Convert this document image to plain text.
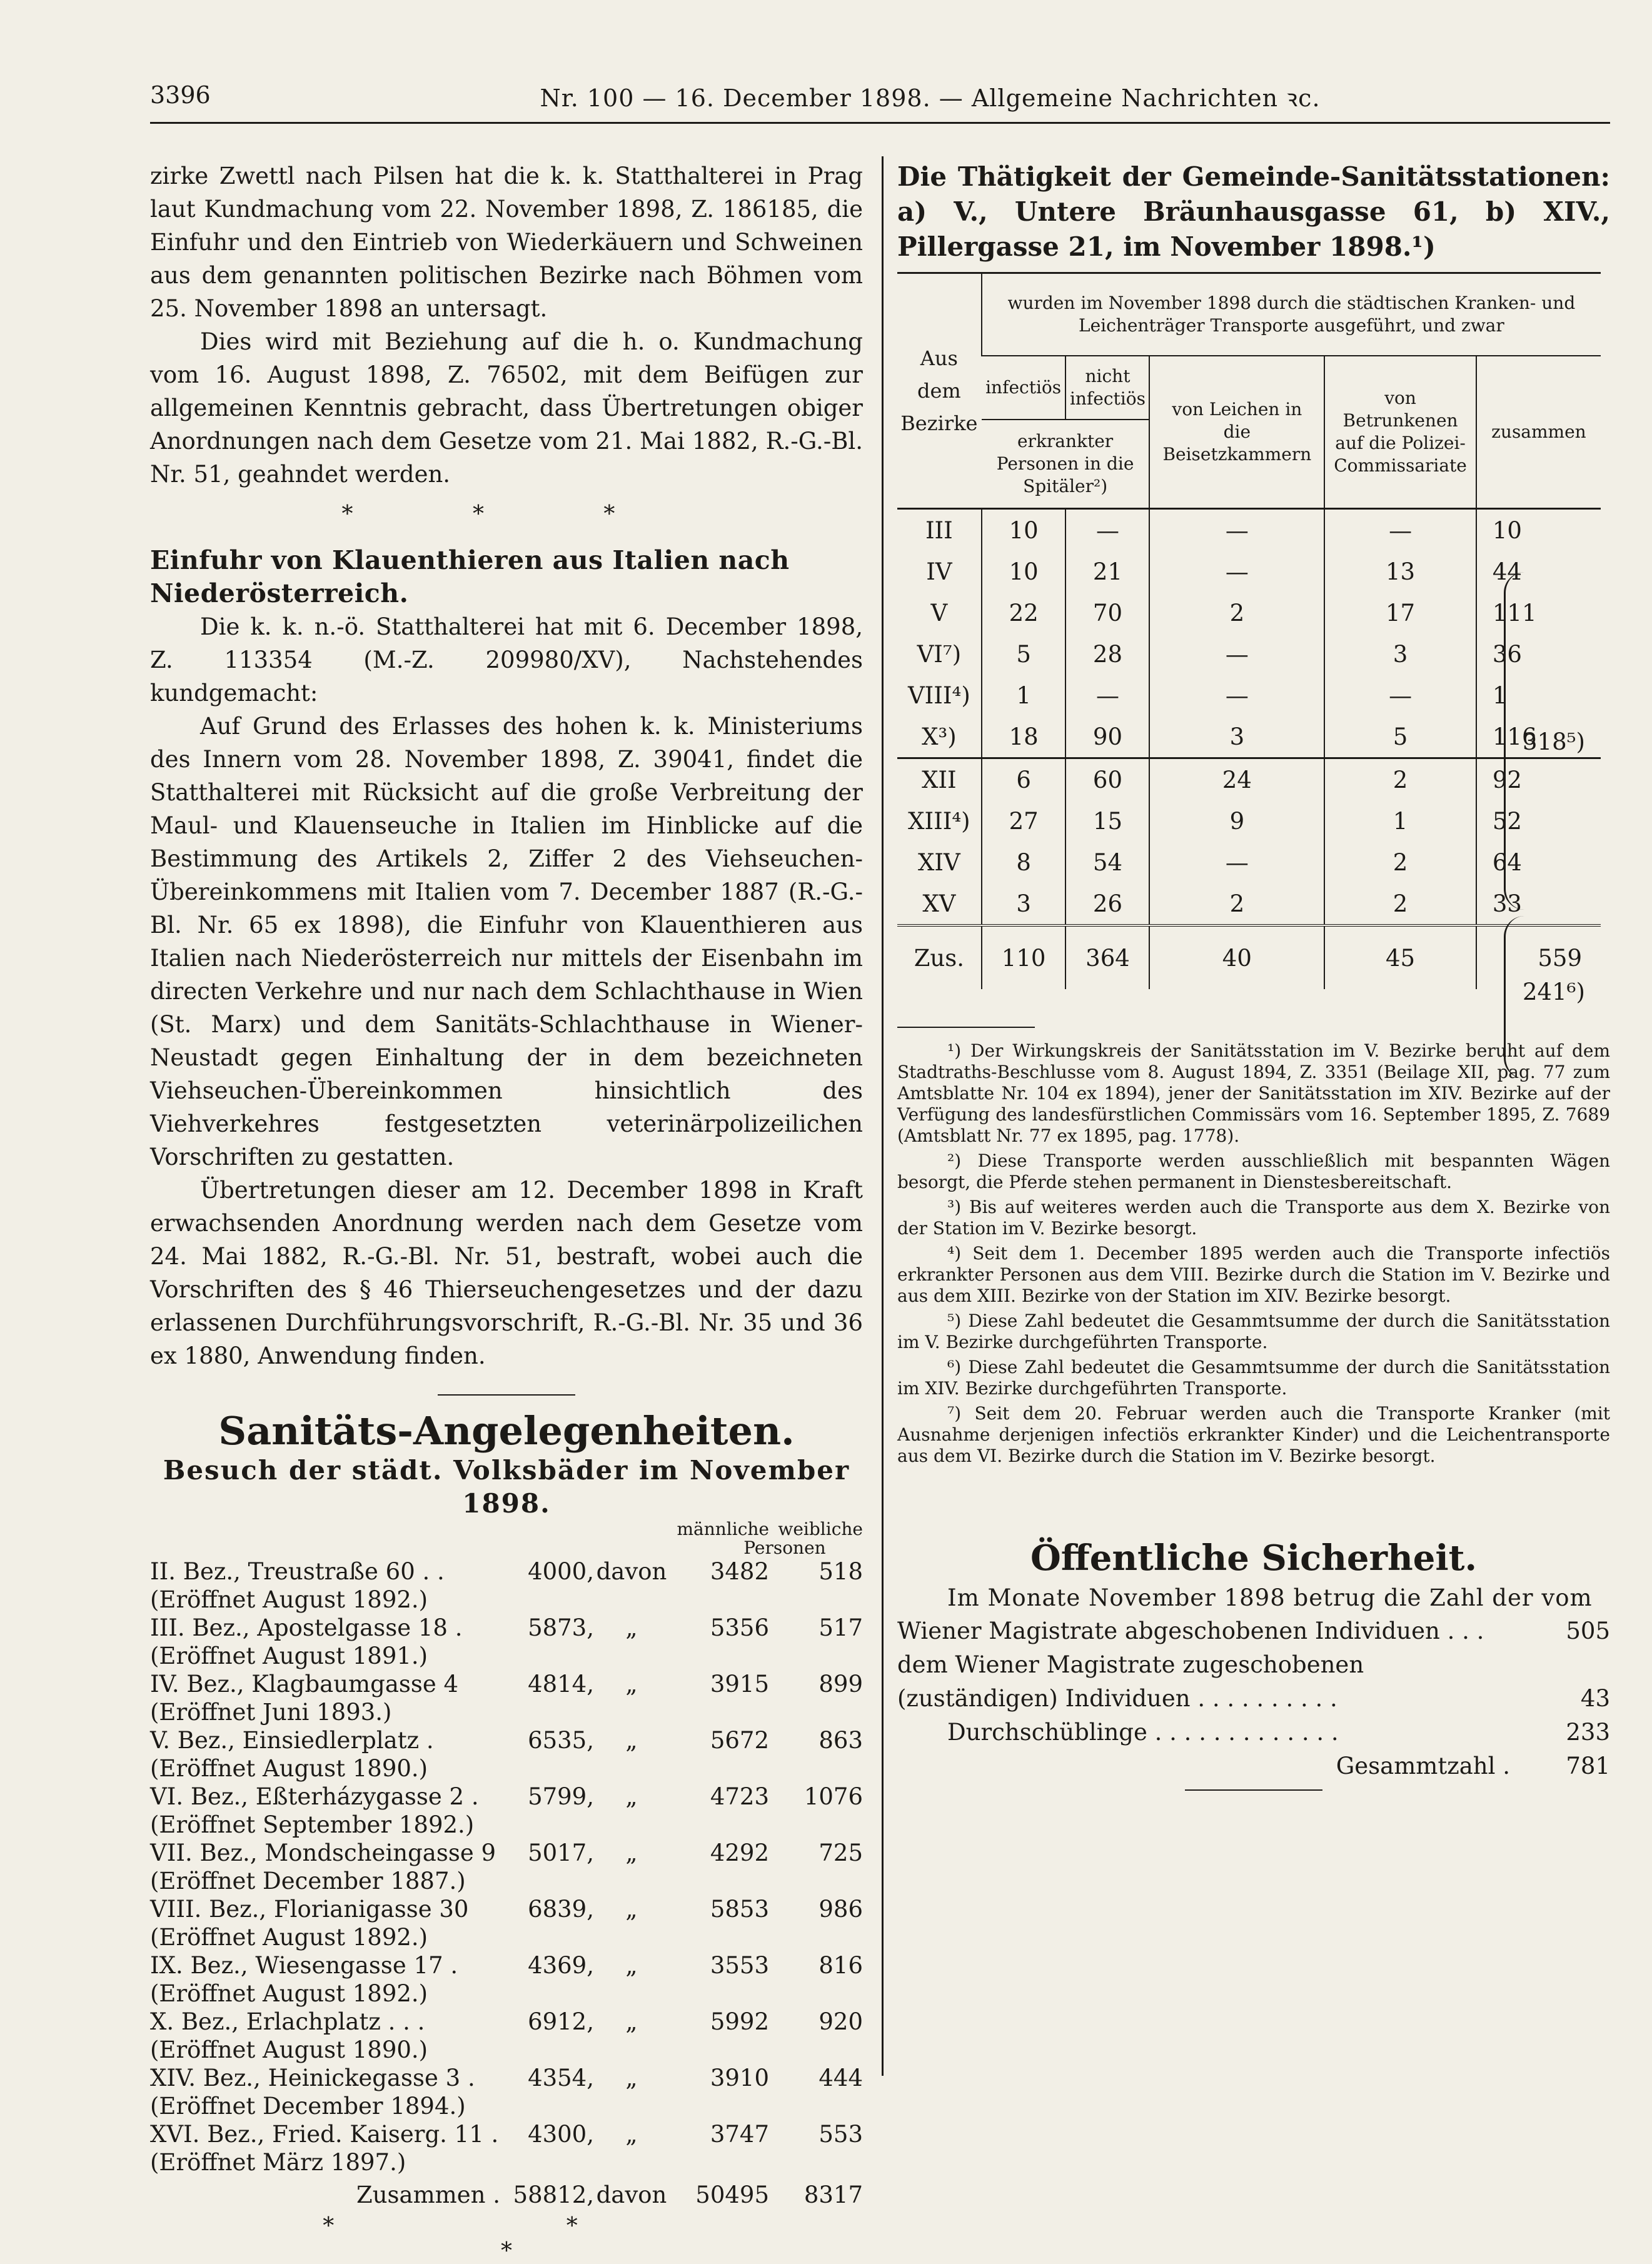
3396	Nr. 100 — 16. December 1898. — Allgemeine Nachrichten ꝛc.

zirke Zwettl nach Pilsen hat die k. k. Statthalterei in Prag laut Kundmachung vom 22. November 1898, Z. 186185, die Einfuhr und den Eintrieb von Wiederkäuern und Schweinen aus dem genannten politischen Bezirke nach Böhmen vom 25. November 1898 an untersagt.

Dies wird mit Beziehung auf die h. o. Kundmachung vom 16. August 1898, Z. 76502, mit dem Beifügen zur allgemeinen Kenntnis gebracht, dass Übertretungen obiger Anordnungen nach dem Gesetze vom 21. Mai 1882, R.-G.-Bl. Nr. 51, geahndet werden.

* * *
Einfuhr von Klauenthieren aus Italien nach Niederösterreich.

Die k. k. n.-ö. Statthalterei hat mit 6. December 1898, Z. 113354 (M.-Z. 209980/XV), Nachstehendes kundgemacht:

Auf Grund des Erlasses des hohen k. k. Ministeriums des Innern vom 28. November 1898, Z. 39041, findet die Statthalterei mit Rücksicht auf die große Verbreitung der Maul- und Klauenseuche in Italien im Hinblicke auf die Bestimmung des Artikels 2, Ziffer 2 des Viehseuchen-Übereinkommens mit Italien vom 7. December 1887 (R.-G.-Bl. Nr. 65 ex 1898), die Einfuhr von Klauenthieren aus Italien nach Niederösterreich nur mittels der Eisenbahn im directen Verkehre und nur nach dem Schlachthause in Wien (St. Marx) und dem Sanitäts-Schlachthause in Wiener-Neustadt gegen Einhaltung der in dem bezeichneten Viehseuchen-Übereinkommen hinsichtlich des Viehverkehres festgesetzten veterinärpolizeilichen Vorschriften zu gestatten.

Übertretungen dieser am 12. December 1898 in Kraft erwachsenden Anordnung werden nach dem Gesetze vom 24. Mai 1882, R.-G.-Bl. Nr. 51, bestraft, wobei auch die Vorschriften des § 46 Thierseuchengesetzes und der dazu erlassenen Durchführungsvorschrift, R.-G.-Bl. Nr. 35 und 36 ex 1880, Anwendung finden.

Sanitäts-Angelegenheiten.
Besuch der städt. Volksbäder im November 1898.
			männliche	weibliche
			Personen	
II. Bez., Treustraße 60 . .	4000,	davon	3482	518
(Eröffnet August 1892.)				
III. Bez., Apostelgasse 18 .	5873,	„	5356	517
(Eröffnet August 1891.)				
IV. Bez., Klagbaumgasse 4	4814,	„	3915	899
(Eröffnet Juni 1893.)				
V. Bez., Einsiedlerplatz .	6535,	„	5672	863
(Eröffnet August 1890.)				
VI. Bez., Eßterházygasse 2 .	5799,	„	4723	1076
(Eröffnet September 1892.)				
VII. Bez., Mondscheingasse 9	5017,	„	4292	725
(Eröffnet December 1887.)				
VIII. Bez., Florianigasse 30	6839,	„	5853	986
(Eröffnet August 1892.)				
IX. Bez., Wiesengasse 17 .	4369,	„	3553	816
(Eröffnet August 1892.)				
X. Bez., Erlachplatz . . .	6912,	„	5992	920
(Eröffnet August 1890.)				
XIV. Bez., Heinickegasse 3 .	4354,	„	3910	444
(Eröffnet December 1894.)				
XVI. Bez., Fried. Kaiserg. 11 .	4300,	„	3747	553
(Eröffnet März 1897.)				
Zusammen .	58812,	davon	50495	8317
* *
*
Die Thätigkeit der Gemeinde-Sanitätsstationen: a) V., Untere Bräunhausgasse 61, b) XIV., Pillergasse 21, im November 1898.¹)
Aus dem Bezirke	wurden im November 1898 durch die städtischen Kranken- und Leichenträger Transporte ausgeführt, und zwar				
	infectiös	nicht infectiös	von Leichen in die Beisetzkammern	von Betrunkenen auf die Polizei-Commissariate	zusammen
	erkrankter Personen in die Spitäler²)				
III	10	—	—	—	10
IV	10	21	—	13	44
V	22	70	2	17	111
VI⁷)	5	28	—	3	36
VIII⁴)	1	—	—	—	1
X³)	18	90	3	5	116
XII	6	60	24	2	92
XIII⁴)	27	15	9	1	52
XIV	8	54	—	2	64
XV	3	26	2	2	33
Zus.	110	364	40	45	559
318⁵)
241⁶)

¹) Der Wirkungskreis der Sanitätsstation im V. Bezirke beruht auf dem Stadtraths-Beschlusse vom 8. August 1894, Z. 3351 (Beilage XII, pag. 77 zum Amtsblatte Nr. 104 ex 1894), jener der Sanitätsstation im XIV. Bezirke auf der Verfügung des landesfürstlichen Commissärs vom 16. September 1895, Z. 7689 (Amtsblatt Nr. 77 ex 1895, pag. 1778).

²) Diese Transporte werden ausschließlich mit bespannten Wägen besorgt, die Pferde stehen permanent in Dienstesbereitschaft.

³) Bis auf weiteres werden auch die Transporte aus dem X. Bezirke von der Station im V. Bezirke besorgt.

⁴) Seit dem 1. December 1895 werden auch die Transporte infectiös erkrankter Personen aus dem VIII. Bezirke durch die Station im V. Bezirke und aus dem XIII. Bezirke von der Station im XIV. Bezirke besorgt.

⁵) Diese Zahl bedeutet die Gesammtsumme der durch die Sanitätsstation im V. Bezirke durchgeführten Transporte.

⁶) Diese Zahl bedeutet die Gesammtsumme der durch die Sanitätsstation im XIV. Bezirke durchgeführten Transporte.

⁷) Seit dem 20. Februar werden auch die Transporte Kranker (mit Ausnahme derjenigen infectiös erkrankter Kinder) und die Leichentransporte aus dem VI. Bezirke durch die Station im V. Bezirke besorgt.

Öffentliche Sicherheit.

Im Monate November 1898 betrug die Zahl der vom

Wiener Magistrate abgeschobenen Individuen . . .	505
dem Wiener Magistrate zugeschobenen (zuständigen) Individuen . . . . . . . . . .	43
Durchschüblinge . . . . . . . . . . . . .	233
Gesammtzahl .	781
